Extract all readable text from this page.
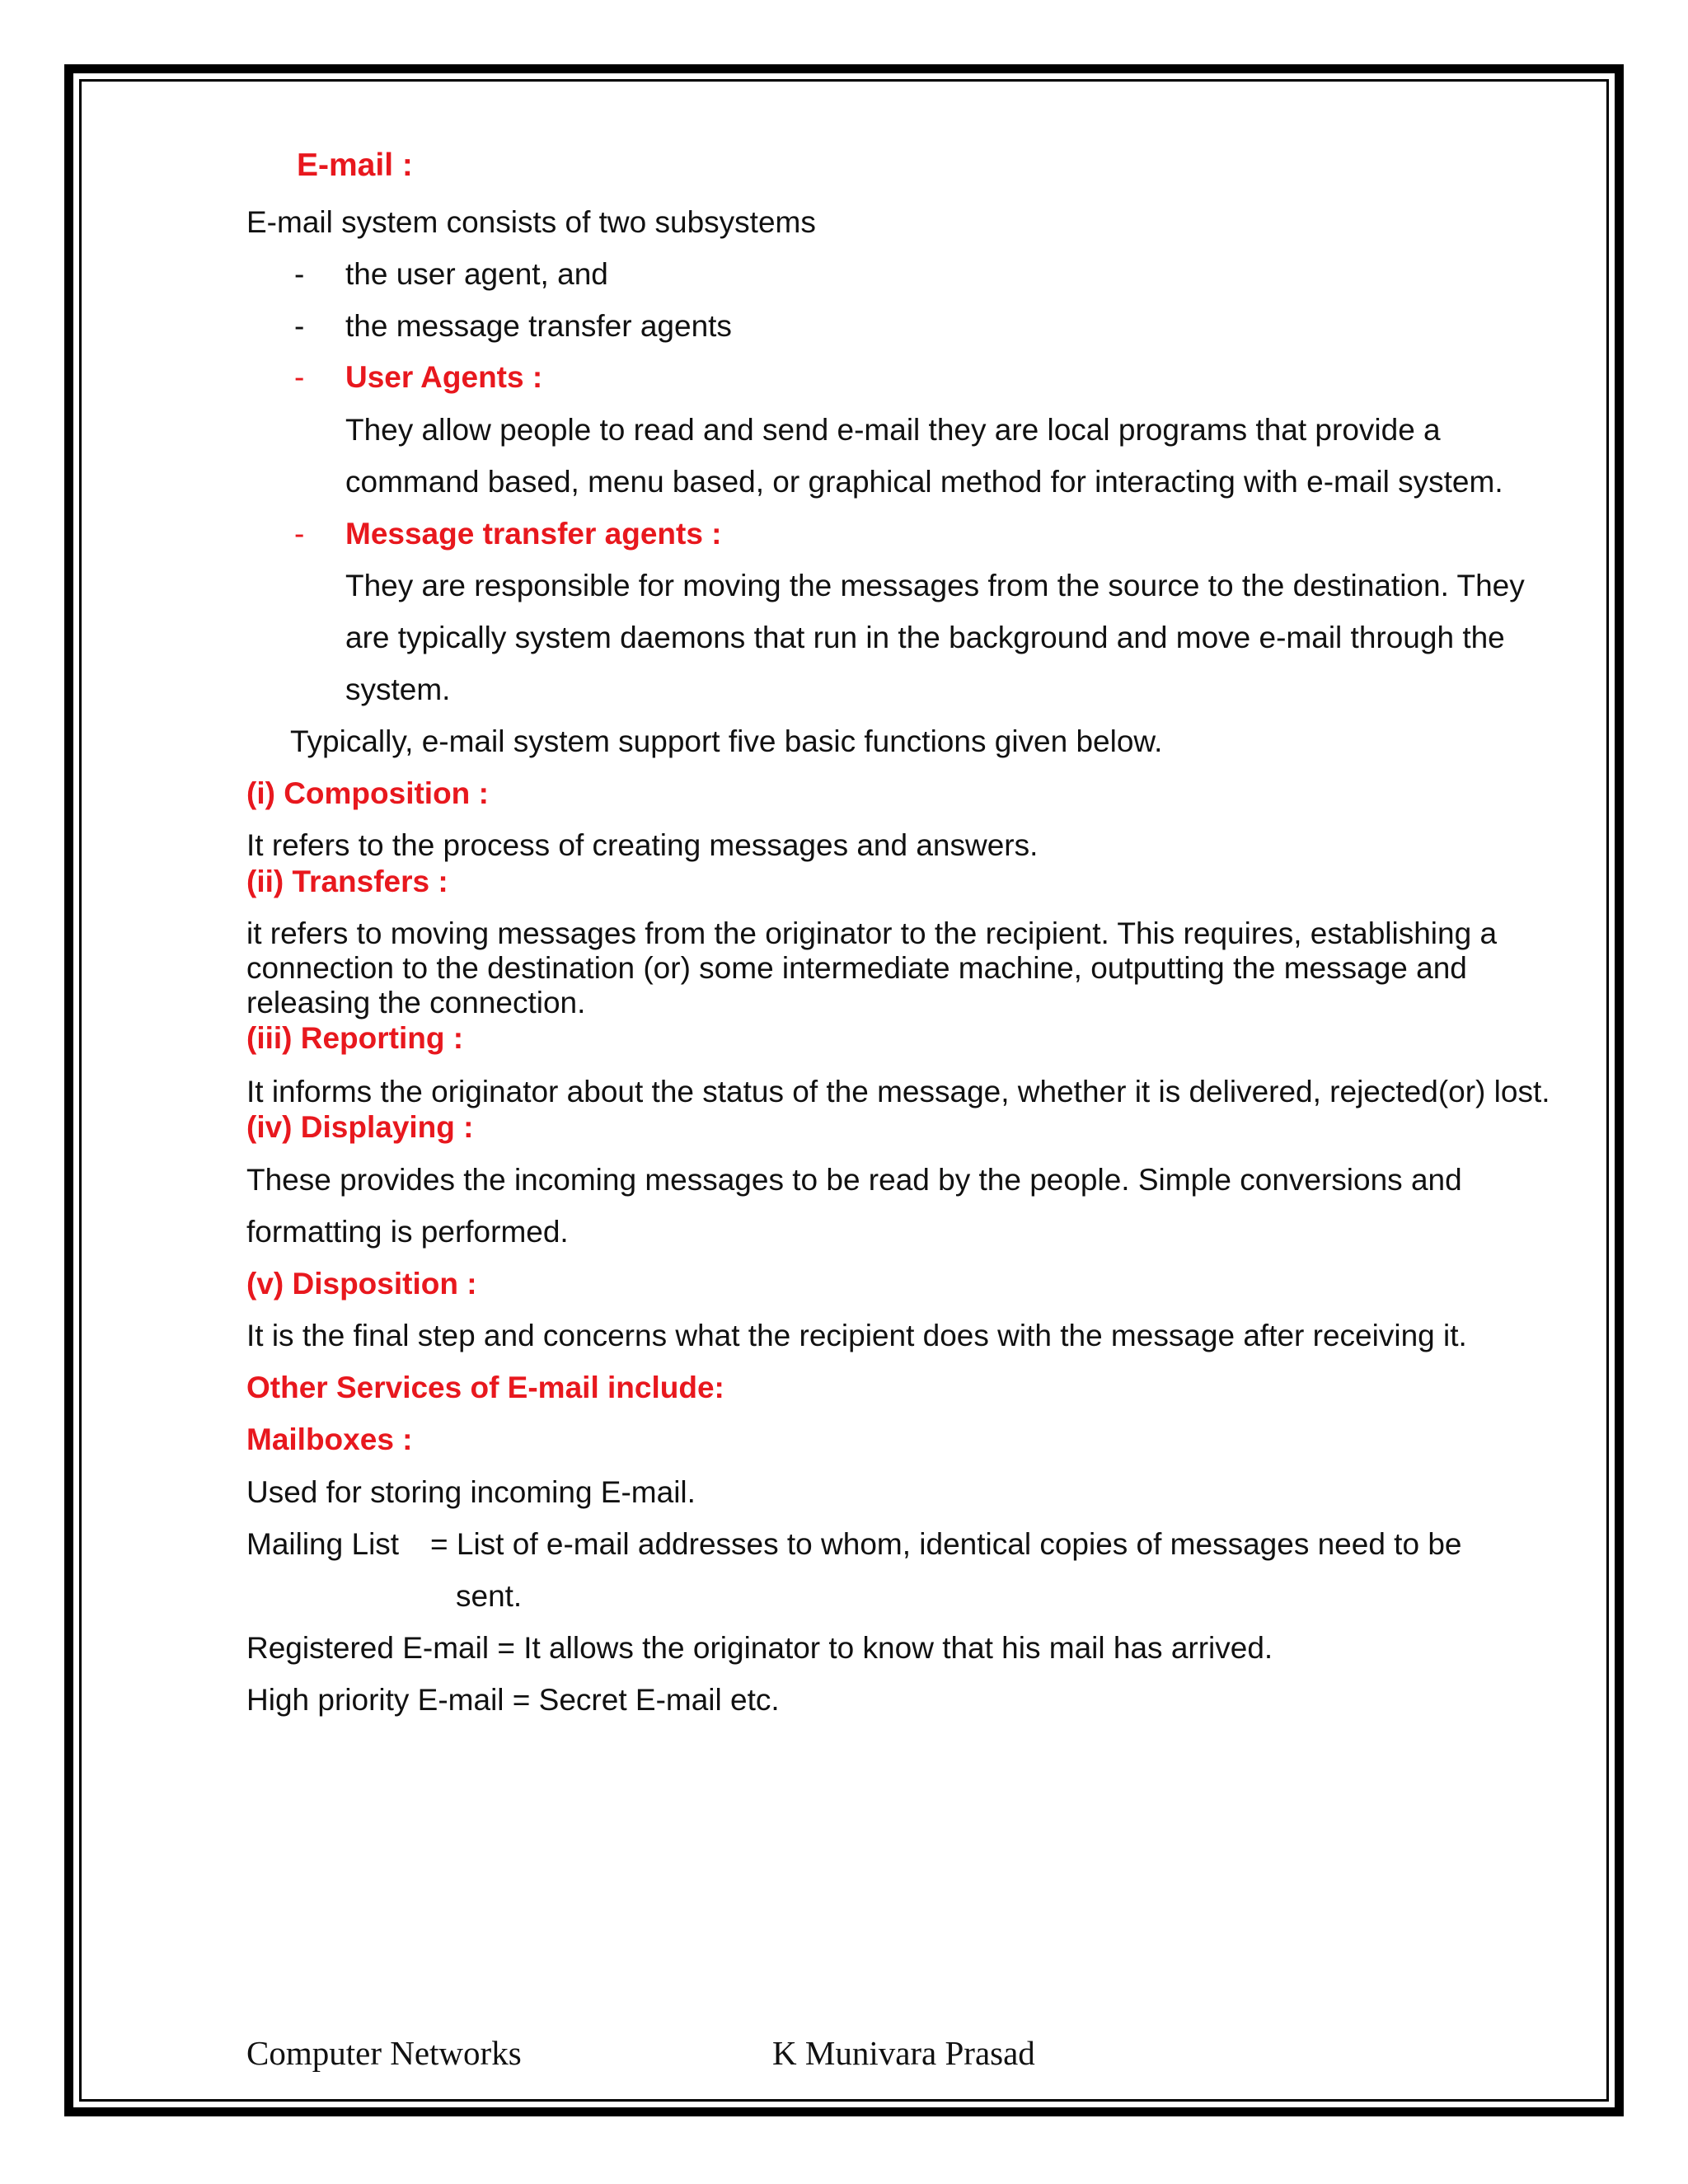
E-mail :
E-mail system consists of two subsystems
- the user agent, and
- the message transfer agents
- User Agents :
They allow people to read and send e-mail they are local programs that provide a
command based, menu based, or graphical method for interacting with e-mail system.
- Message transfer agents :
They are responsible for moving the messages from the source to the destination. They
are typically system daemons that run in the background and move e-mail through the
system.
Typically, e-mail system support five basic functions given below.
(i) Composition :
It refers to the process of creating messages and answers.
(ii) Transfers :

it refers to moving messages from the originator to the recipient. This requires, establishing a connection to the destination (or) some intermediate machine, outputting the message and releasing the connection.

(iii) Reporting :
It informs the originator about the status of the message, whether it is delivered, rejected(or) lost.
(iv) Displaying :
These provides the incoming messages to be read by the people. Simple conversions and
formatting is performed.
(v) Disposition :
It is the final step and concerns what the recipient does with the message after receiving it.
Other Services of E-mail include:
Mailboxes :
Used for storing incoming E-mail.
Mailing List = List of e-mail addresses to whom, identical copies of messages need to be
sent.
Registered E-mail = It allows the originator to know that his mail has arrived.
High priority E-mail = Secret E-mail etc.
Computer Networks	K Munivara Prasad
